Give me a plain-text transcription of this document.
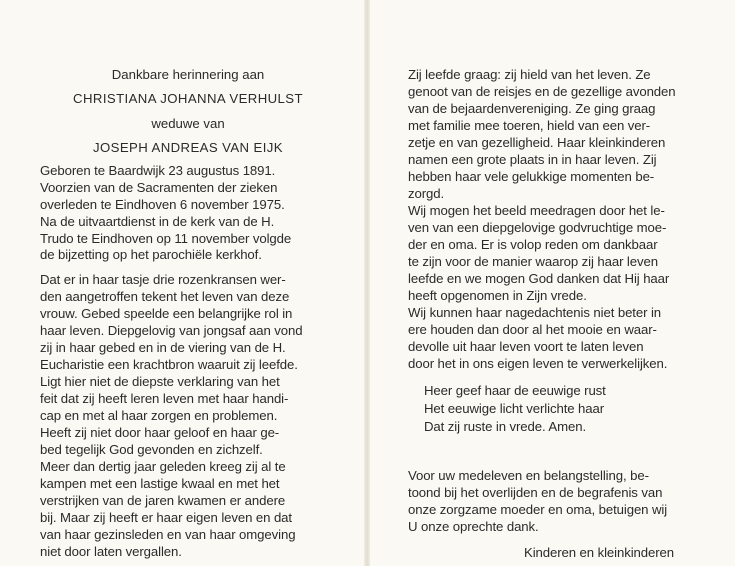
Dankbare herinnering aan
CHRISTIANA JOHANNA VERHULST
weduwe van
JOSEPH ANDREAS VAN EIJK
Geboren te Baardwijk 23 augustus 1891.
Voorzien van de Sacramenten der zieken
overleden te Eindhoven 6 november 1975.
Na de uitvaartdienst in de kerk van de H.
Trudo te Eindhoven op 11 november volgde
de bijzetting op het parochiële kerkhof.
Dat er in haar tasje drie rozenkransen wer-
den aangetroffen tekent het leven van deze
vrouw. Gebed speelde een belangrijke rol in
haar leven. Diepgelovig van jongsaf aan vond
zij in haar gebed en in de viering van de H.
Eucharistie een krachtbron waaruit zij leefde.
Ligt hier niet de diepste verklaring van het
feit dat zij heeft leren leven met haar handi-
cap en met al haar zorgen en problemen.
Heeft zij niet door haar geloof en haar ge-
bed tegelijk God gevonden en zichzelf.
Meer dan dertig jaar geleden kreeg zij al te
kampen met een lastige kwaal en met het
verstrijken van de jaren kwamen er andere
bij. Maar zij heeft er haar eigen leven en dat
van haar gezinsleden en van haar omgeving
niet door laten vergallen.
Zij leefde graag: zij hield van het leven. Ze
genoot van de reisjes en de gezellige avonden
van de bejaardenvereniging. Ze ging graag
met familie mee toeren, hield van een ver-
zetje en van gezelligheid. Haar kleinkinderen
namen een grote plaats in in haar leven. Zij
hebben haar vele gelukkige momenten be-
zorgd.
Wij mogen het beeld meedragen door het le-
ven van een diepgelovige godvruchtige moe-
der en oma. Er is volop reden om dankbaar
te zijn voor de manier waarop zij haar leven
leefde en we mogen God danken dat Hij haar
heeft opgenomen in Zijn vrede.
Wij kunnen haar nagedachtenis niet beter in
ere houden dan door al het mooie en waar-
devolle uit haar leven voort te laten leven
door het in ons eigen leven te verwerkelijken.
Heer geef haar de eeuwige rust
Het eeuwige licht verlichte haar
Dat zij ruste in vrede. Amen.
Voor uw medeleven en belangstelling, be-
toond bij het overlijden en de begrafenis van
onze zorgzame moeder en oma, betuigen wij
U onze oprechte dank.
Kinderen en kleinkinderen
